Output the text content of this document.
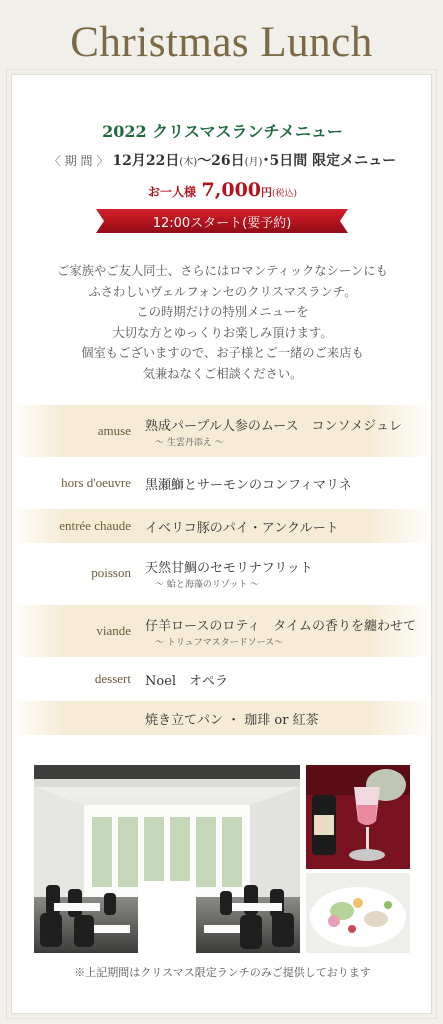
Christmas Lunch
2022 クリスマスランチメニュー
〈 期 間 〉 12月22日(木)〜26日(月)･5日間 限定メニュー
お一人様 7,000円(税込)
12:00スタート(要予約)
ご家族やご友人同士、さらにはロマンティックなシーンにも
ふさわしいヴェルフォンセのクリスマスランチ。
この時期だけの特別メニューを
大切な方とゆっくりお楽しみ頂けます。
個室もございますので、お子様とご一緒のご来店も
気兼ねなくご相談ください。
amuse 熟成パープル人参のムース　コンソメジュレ
〜 生雲丹添え 〜
hors d'oeuvre 黒瀬鰤とサーモンのコンフィマリネ
entrée chaude イベリコ豚のパイ・アンクルート
poisson 天然甘鯛のセモリナフリット
〜 蛤と海藻のリゾット 〜
viande 仔羊ロースのロティ　タイムの香りを纏わせて
〜 トリュフマスタードソース〜
dessert Noel　オペラ
焼き立てパン ・ 珈琲 or 紅茶
※上記期間はクリスマス限定ランチのみご提供しております
